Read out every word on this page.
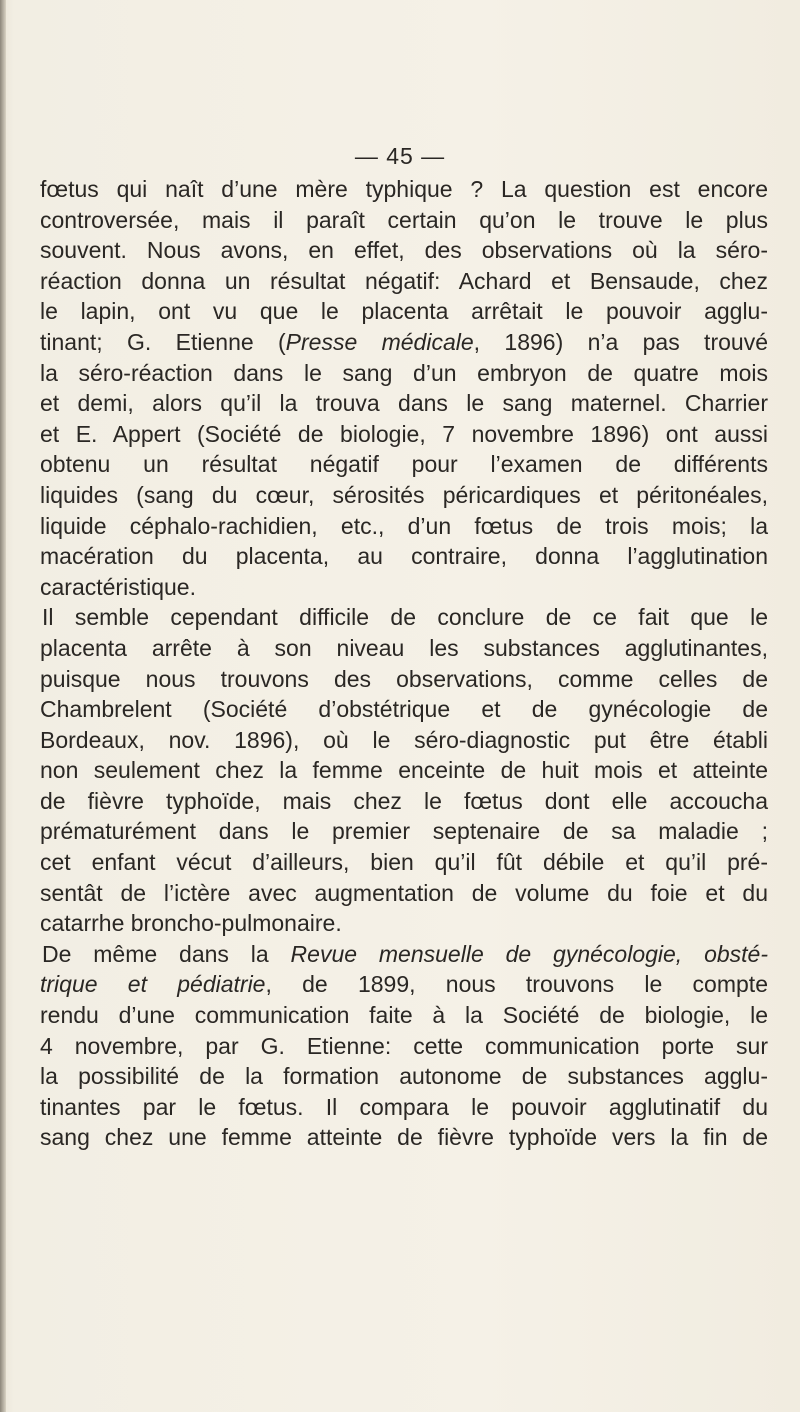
— 45 —
fœtus qui naît d’une mère typhique ? La question est encore
controversée, mais il paraît certain qu’on le trouve le plus
souvent. Nous avons, en effet, des observations où la séro-
réaction donna un résultat négatif: Achard et Bensaude, chez
le lapin, ont vu que le placenta arrêtait le pouvoir agglu-
tinant; G. Etienne (Presse médicale, 1896) n’a pas trouvé
la séro-réaction dans le sang d’un embryon de quatre mois
et demi, alors qu’il la trouva dans le sang maternel. Charrier
et E. Appert (Société de biologie, 7 novembre 1896) ont aussi
obtenu un résultat négatif pour l’examen de différents
liquides (sang du cœur, sérosités péricardiques et péritonéales,
liquide céphalo-rachidien, etc., d’un fœtus de trois mois; la
macération du placenta, au contraire, donna l’agglutination
caractéristique.
Il semble cependant difficile de conclure de ce fait que le
placenta arrête à son niveau les substances agglutinantes,
puisque nous trouvons des observations, comme celles de
Chambrelent (Société d’obstétrique et de gynécologie de
Bordeaux, nov. 1896), où le séro-diagnostic put être établi
non seulement chez la femme enceinte de huit mois et atteinte
de fièvre typhoïde, mais chez le fœtus dont elle accoucha
prématurément dans le premier septenaire de sa maladie ;
cet enfant vécut d’ailleurs, bien qu’il fût débile et qu’il pré-
sentât de l’ictère avec augmentation de volume du foie et du
catarrhe broncho-pulmonaire.
De même dans la Revue mensuelle de gynécologie, obsté-
trique et pédiatrie, de 1899, nous trouvons le compte
rendu d’une communication faite à la Société de biologie, le
4 novembre, par G. Etienne: cette communication porte sur
la possibilité de la formation autonome de substances agglu-
tinantes par le fœtus. Il compara le pouvoir agglutinatif du
sang chez une femme atteinte de fièvre typhoïde vers la fin de
